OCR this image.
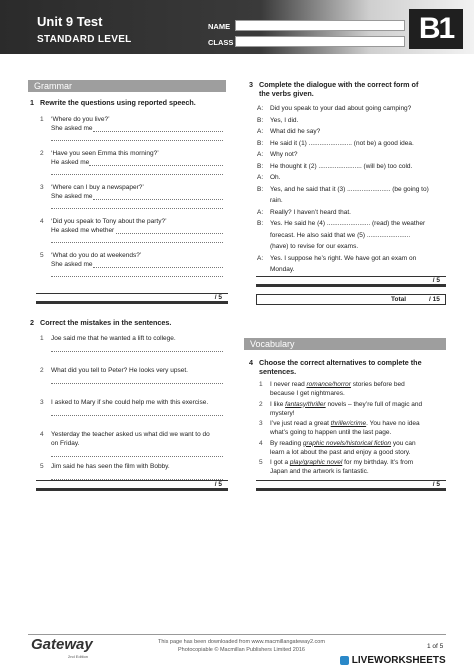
Unit 9 Test
STANDARD LEVEL
NAME
CLASS	B1
Grammar
1 Rewrite the questions using reported speech.
1 ‘Where do you live?’
She asked me
2 ‘Have you seen Emma this morning?’
He asked me
3 ‘Where can I buy a newspaper?’
She asked me
4 ‘Did you speak to Tony about the party?’
He asked me whether
5 ‘What do you do at weekends?’
She asked me
/ 5
2 Correct the mistakes in the sentences.
1 Joe said me that he wanted a lift to college.
2 What did you tell to Peter? He looks very upset.
3 I asked to Mary if she could help me with this exercise.
4 Yesterday the teacher asked us what did we want to do
on Friday.
5 Jim said he has seen the film with Bobby.
/ 5
3 Complete the dialogue with the correct form of
the verbs given.
A: Did you speak to your dad about going camping?
B: Yes, I did.
A: What did he say?
B: He said it (1) ........................ (not be) a good idea.
A: Why not?
B: He thought it (2) ........................ (will be) too cold.
A: Oh.
B: Yes, and he said that it (3) ........................ (be going to)
rain.
A: Really? I haven’t heard that.
B: Yes. He said he (4) ........................ (read) the weather
forecast. He also said that we (5) ........................
(have) to revise for our exams.
A: Yes. I suppose he’s right. We have got an exam on
Monday.
/ 5
Total	/ 15
Vocabulary
4 Choose the correct alternatives to complete the
sentences.
1 I never read romance/horror stories before bed
because I get nightmares.
2 I like fantasy/thriller novels – they’re full of magic and
mystery!
3 I’ve just read a great thriller/crime. You have no idea
what’s going to happen until the last page.
4 By reading graphic novels/historical fiction you can
learn a lot about the past and enjoy a good story.
5 I got a play/graphic novel for my birthday. It’s from
Japan and the artwork is fantastic.
/ 5
Gateway
2nd Edition
This page has been downloaded from www.macmillangateway2.com
Photocopiable © Macmillan Publishers Limited 2016	1 of 5
LIVEWORKSHEETS
